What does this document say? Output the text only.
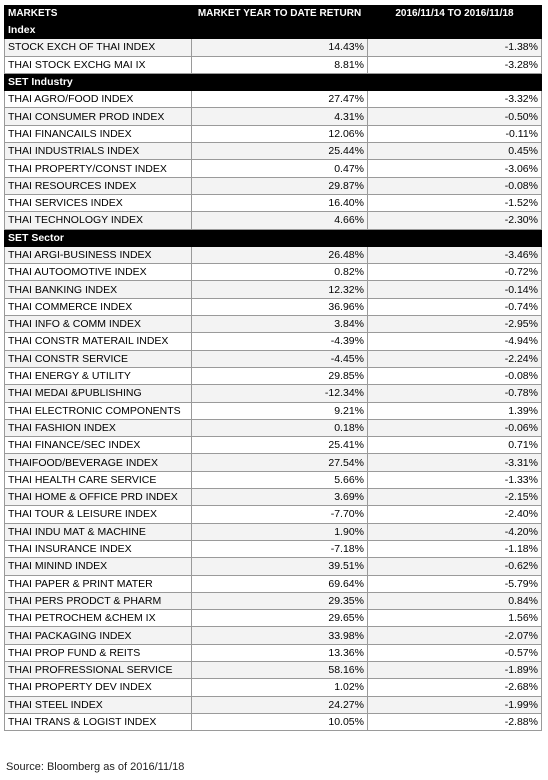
MARKETS	MARKET YEAR TO DATE RETURN	2016/11/14 TO 2016/11/18
Index		
STOCK EXCH OF THAI INDEX	14.43%	-1.38%
THAI STOCK EXCHG MAI IX	8.81%	-3.28%
SET Industry		
THAI AGRO/FOOD INDEX	27.47%	-3.32%
THAI CONSUMER PROD INDEX	4.31%	-0.50%
THAI FINANCAILS INDEX	12.06%	-0.11%
THAI INDUSTRIALS INDEX	25.44%	0.45%
THAI PROPERTY/CONST INDEX	0.47%	-3.06%
THAI RESOURCES INDEX	29.87%	-0.08%
THAI SERVICES INDEX	16.40%	-1.52%
THAI TECHNOLOGY INDEX	4.66%	-2.30%
SET Sector		
THAI ARGI-BUSINESS INDEX	26.48%	-3.46%
THAI AUTOOMOTIVE INDEX	0.82%	-0.72%
THAI BANKING INDEX	12.32%	-0.14%
THAI COMMERCE INDEX	36.96%	-0.74%
THAI INFO & COMM INDEX	3.84%	-2.95%
THAI CONSTR MATERAIL INDEX	-4.39%	-4.94%
THAI CONSTR SERVICE	-4.45%	-2.24%
THAI ENERGY & UTILITY	29.85%	-0.08%
THAI MEDAI &PUBLISHING	-12.34%	-0.78%
THAI ELECTRONIC COMPONENTS	9.21%	1.39%
THAI FASHION INDEX	0.18%	-0.06%
THAI FINANCE/SEC INDEX	25.41%	0.71%
THAIFOOD/BEVERAGE INDEX	27.54%	-3.31%
THAI HEALTH CARE SERVICE	5.66%	-1.33%
THAI HOME & OFFICE PRD INDEX	3.69%	-2.15%
THAI TOUR & LEISURE INDEX	-7.70%	-2.40%
THAI INDU MAT & MACHINE	1.90%	-4.20%
THAI INSURANCE INDEX	-7.18%	-1.18%
THAI MININD INDEX	39.51%	-0.62%
THAI PAPER & PRINT MATER	69.64%	-5.79%
THAI PERS PRODCT & PHARM	29.35%	0.84%
THAI PETROCHEM &CHEM IX	29.65%	1.56%
THAI PACKAGING INDEX	33.98%	-2.07%
THAI PROP FUND & REITS	13.36%	-0.57%
THAI PROFRESSIONAL SERVICE	58.16%	-1.89%
THAI PROPERTY DEV INDEX	1.02%	-2.68%
THAI STEEL INDEX	24.27%	-1.99%
THAI TRANS & LOGIST INDEX	10.05%	-2.88%
Source: Bloomberg as of 2016/11/18
